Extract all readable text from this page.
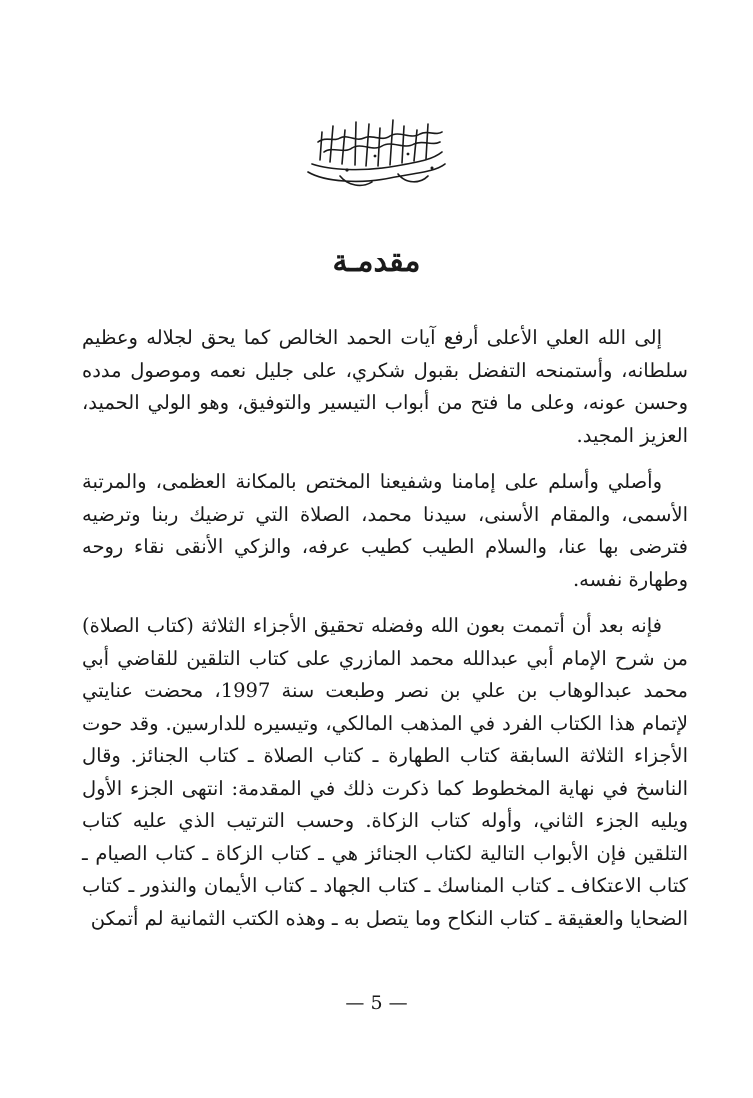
مقدمـة

إلى الله العلي الأعلى أرفع آيات الحمد الخالص كما يحق لجلاله وعظيم سلطانه، وأستمنحه التفضل بقبول شكري، على جليل نعمه وموصول مدده وحسن عونه، وعلى ما فتح من أبواب التيسير والتوفيق، وهو الولي الحميد، العزيز المجيد.

وأصلي وأسلم على إمامنا وشفيعنا المختص بالمكانة العظمى، والمرتبة الأسمى، والمقام الأسنى، سيدنا محمد، الصلاة التي ترضيك ربنا وترضيه فترضى بها عنا، والسلام الطيب كطيب عرفه، والزكي الأنقى نقاء روحه وطهارة نفسه.

فإنه بعد أن أتممت بعون الله وفضله تحقيق الأجزاء الثلاثة (كتاب الصلاة) من شرح الإمام أبي عبدالله محمد المازري على كتاب التلقين للقاضي أبي محمد عبدالوهاب بن علي بن نصر وطبعت سنة 1997، محضت عنايتي لإتمام هذا الكتاب الفرد في المذهب المالكي، وتيسيره للدارسين. وقد حوت الأجزاء الثلاثة السابقة كتاب الطهارة ـ كتاب الصلاة ـ كتاب الجنائز. وقال الناسخ في نهاية المخطوط كما ذكرت ذلك في المقدمة: انتهى الجزء الأول ويليه الجزء الثاني، وأوله كتاب الزكاة. وحسب الترتيب الذي عليه كتاب التلقين فإن الأبواب التالية لكتاب الجنائز هي ـ كتاب الزكاة ـ كتاب الصيام ـ كتاب الاعتكاف ـ كتاب المناسك ـ كتاب الجهاد ـ كتاب الأيمان والنذور ـ كتاب الضحايا والعقيقة ـ كتاب النكاح وما يتصل به ـ وهذه الكتب الثمانية لم أتمكن

— 5 —
